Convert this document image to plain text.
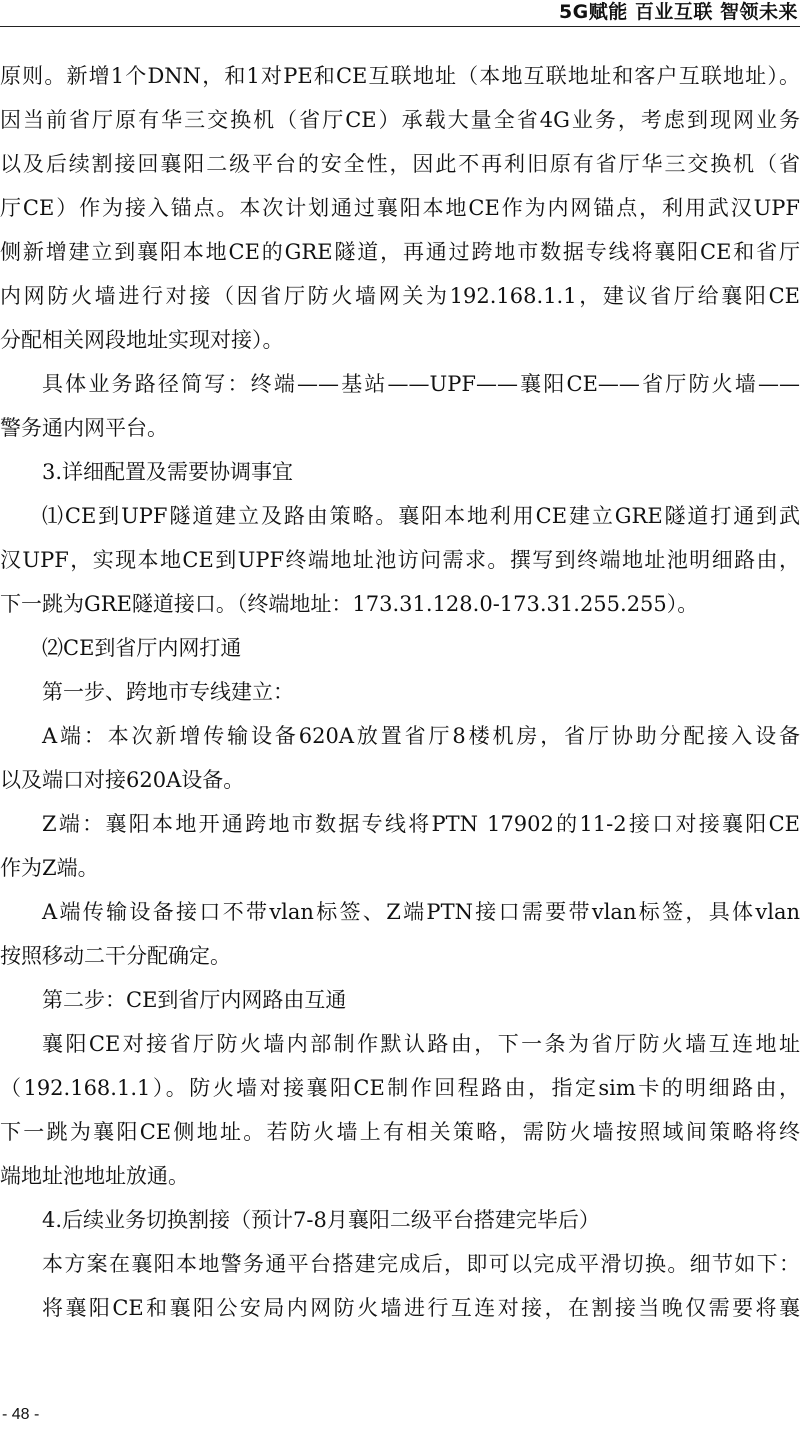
5G赋能 百业互联 智领未来
原则。新增1个DNN，和1对PE和CE互联地址（本地互联地址和客户互联地址）。
因当前省厅原有华三交换机（省厅CE）承载大量全省4G业务，考虑到现网业务
以及后续割接回襄阳二级平台的安全性，因此不再利旧原有省厅华三交换机（省
厅CE）作为接入锚点。本次计划通过襄阳本地CE作为内网锚点，利用武汉UPF
侧新增建立到襄阳本地CE的GRE隧道，再通过跨地市数据专线将襄阳CE和省厅
内网防火墙进行对接（因省厅防火墙网关为192.168.1.1，建议省厅给襄阳CE
分配相关网段地址实现对接）。
具体业务路径简写：终端——基站——UPF——襄阳CE——省厅防火墙——
警务通内网平台。
3.详细配置及需要协调事宜
⑴CE到UPF隧道建立及路由策略。襄阳本地利用CE建立GRE隧道打通到武
汉UPF，实现本地CE到UPF终端地址池访问需求。撰写到终端地址池明细路由，
下一跳为GRE隧道接口。（终端地址：173.31.128.0-173.31.255.255）。
⑵CE到省厅内网打通
第一步、跨地市专线建立：
A端：本次新增传输设备620A放置省厅8楼机房，省厅协助分配接入设备
以及端口对接620A设备。
Z端：襄阳本地开通跨地市数据专线将PTN 17902的11-2接口对接襄阳CE
作为Z端。
A端传输设备接口不带vlan标签、Z端PTN接口需要带vlan标签，具体vlan
按照移动二干分配确定。
第二步：CE到省厅内网路由互通
襄阳CE对接省厅防火墙内部制作默认路由，下一条为省厅防火墙互连地址
（192.168.1.1）。防火墙对接襄阳CE制作回程路由，指定sim卡的明细路由，
下一跳为襄阳CE侧地址。若防火墙上有相关策略，需防火墙按照域间策略将终
端地址池地址放通。
4.后续业务切换割接（预计7-8月襄阳二级平台搭建完毕后）
本方案在襄阳本地警务通平台搭建完成后，即可以完成平滑切换。细节如下：
将襄阳CE和襄阳公安局内网防火墙进行互连对接，在割接当晚仅需要将襄
- 48 -
